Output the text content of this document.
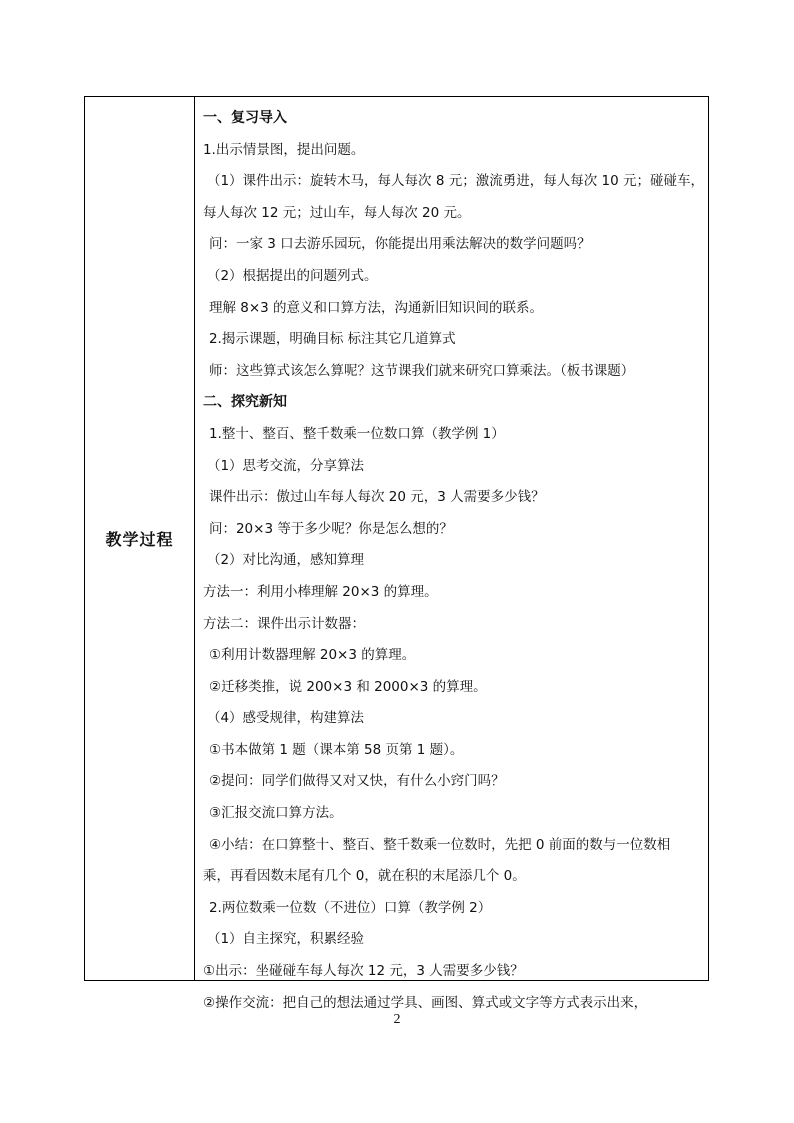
教学过程
一、复习导入
1.出示情景图，提出问题。
（1）课件出示：旋转木马，每人每次 8 元；激流勇进，每人每次 10 元；碰碰车，
每人每次 12 元；过山车，每人每次 20 元。
问：一家 3 口去游乐园玩，你能提出用乘法解决的数学问题吗？
（2）根据提出的问题列式。
理解 8×3 的意义和口算方法，沟通新旧知识间的联系。
2.揭示课题，明确目标 标注其它几道算式
师：这些算式该怎么算呢？这节课我们就来研究口算乘法。（板书课题）
二、探究新知
1.整十、整百、整千数乘一位数口算（教学例 1）
（1）思考交流，分享算法
课件出示：傲过山车每人每次 20 元，3 人需要多少钱？
问：20×3 等于多少呢？你是怎么想的？
（2）对比沟通，感知算理
方法一：利用小棒理解 20×3 的算理。
方法二：课件出示计数器：
①利用计数器理解 20×3 的算理。
②迁移类推，说 200×3 和 2000×3 的算理。
（4）感受规律，构建算法
①书本做第 1 题（课本第 58 页第 1 题）。
②提问：同学们做得又对又快，有什么小窍门吗？
③汇报交流口算方法。
④小结：在口算整十、整百、整千数乘一位数时，先把 0 前面的数与一位数相
乘，再看因数末尾有几个 0，就在积的末尾添几个 0。
2.两位数乘一位数（不进位）口算（教学例 2）
（1）自主探究，积累经验
①出示：坐碰碰车每人每次 12 元，3 人需要多少钱？
②操作交流：把自己的想法通过学具、画图、算式或文字等方式表示出来，
2
